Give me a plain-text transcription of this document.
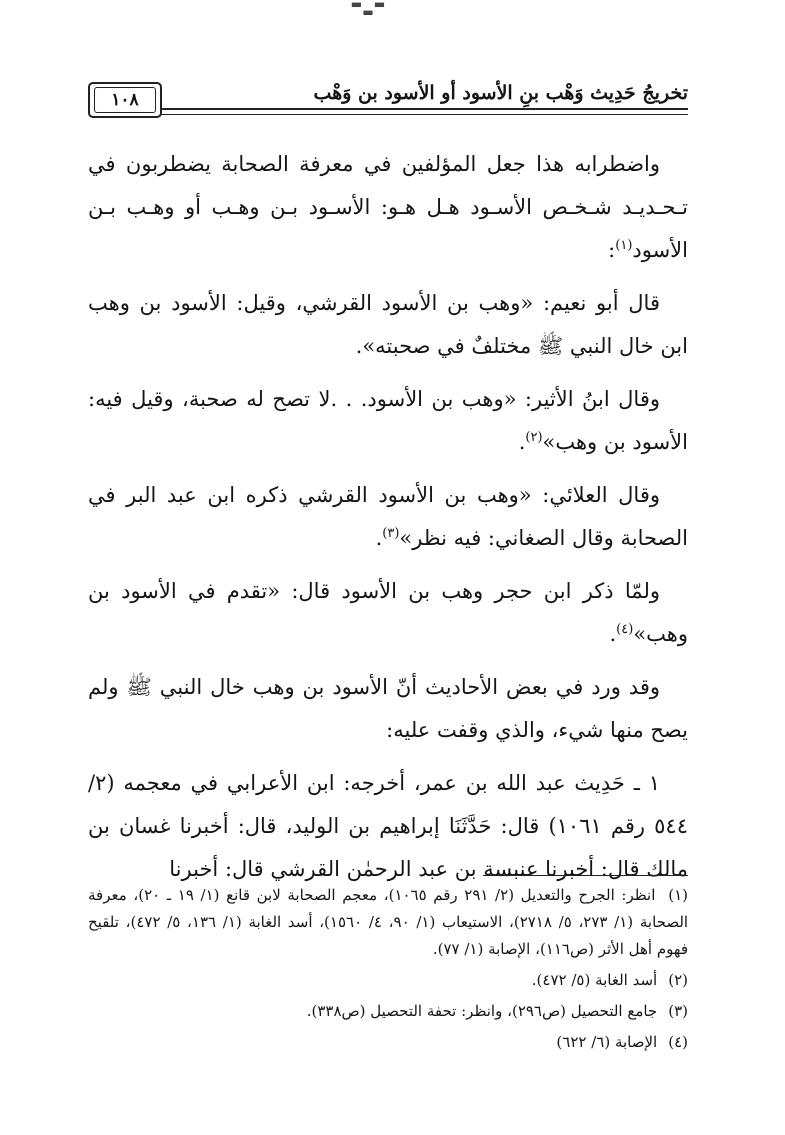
▬ ▬ ▬
تخريجُ حَدِيث وَهْب بنِ الأسود أو الأسود بن وَهْب
١٠٨

واضطرابه هذا جعل المؤلفين في معرفة الصحابة يضطربون في تـحـديـد شـخـص الأسـود هـل هـو: الأسـود بـن وهـب أو وهـب بـن الأسود$^{(١)}$:

قال أبو نعيم: «وهب بن الأسود القرشي، وقيل: الأسود بن وهب ابن خال النبي ﷺ مختلفٌ في صحبته».

وقال ابنُ الأثير: «وهب بن الأسود. . .لا تصح له صحبة، وقيل فيه: الأسود بن وهب»$^{(٢)}$.

وقال العلائي: «وهب بن الأسود القرشي ذكره ابن عبد البر في الصحابة وقال الصغاني: فيه نظر»$^{(٣)}$.

ولمّا ذكر ابن حجر وهب بن الأسود قال: «تقدم في الأسود بن وهب»$^{(٤)}$.

وقد ورد في بعض الأحاديث أنّ الأسود بن وهب خال النبي ﷺ ولم يصح منها شيء، والذي وقفت عليه:

١ ـ حَدِيث عبد الله بن عمر، أخرجه: ابن الأعرابي في معجمه (٢/ ٥٤٤ رقم ١٠٦١) قال: حَدَّثَنَا إبراهيم بن الوليد، قال: أخبرنا غسان بن مالك قال: أخبرنا عنبسة بن عبد الرحمٰن القرشي قال: أخبرنا

(١) انظر: الجرح والتعديل (٢/ ٢٩١ رقم ١٠٦٥)، معجم الصحابة لابن قانع (١/ ١٩ ـ ٢٠)، معرفة الصحابة (١/ ٢٧٣، ٥/ ٢٧١٨)، الاستيعاب (١/ ٩٠، ٤/ ١٥٦٠)، أسد الغابة (١/ ١٣٦، ٥/ ٤٧٢)، تلقيح فهوم أهل الأثر (ص١١٦)، الإصابة (١/ ٧٧).

(٢) أسد الغابة (٥/ ٤٧٢).

(٣) جامع التحصيل (ص٢٩٦)، وانظر: تحفة التحصيل (ص٣٣٨).

(٤) الإصابة (٦/ ٦٢٢)
